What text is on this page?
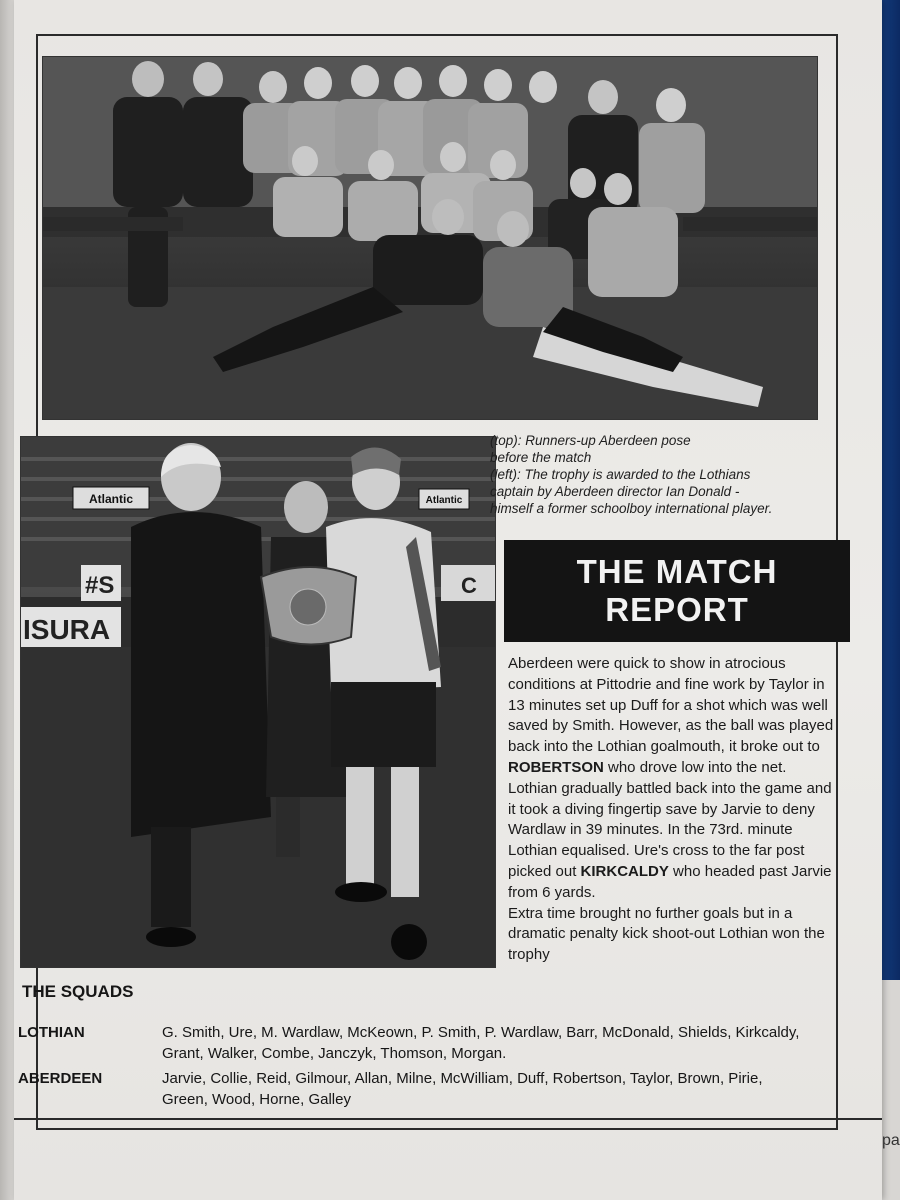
Atlantic	Atlantic
ISURA
#S	C

(top): Runners-up Aberdeen pose

before the match

(left): The trophy is awarded to the Lothians

captain by Aberdeen director Ian Donald -

himself a former schoolboy international player.

THE MATCH
REPORT
Aberdeen were quick to show in atrocious
conditions at Pittodrie and fine work by Taylor in
13 minutes set up Duff for a shot which was well
saved by Smith. However, as the ball was played
back into the Lothian goalmouth, it broke out to
ROBERTSON who drove low into the net.
Lothian gradually battled back into the game and
it took a diving fingertip save by Jarvie to deny
Wardlaw in 39 minutes. In the 73rd. minute
Lothian equalised. Ure's cross to the far post
picked out KIRKCALDY who headed past Jarvie
from 6 yards.
Extra time brought no further goals but in a
dramatic penalty kick shoot-out Lothian won the
trophy
THE SQUADS
LOTHIAN	G. Smith, Ure, M. Wardlaw, McKeown, P. Smith, P. Wardlaw, Barr, McDonald, Shields, Kirkcaldy,
Grant, Walker, Combe, Janczyk, Thomson, Morgan.
ABERDEEN	Jarvie, Collie, Reid, Gilmour, Allan, Milne, McWilliam, Duff, Robertson, Taylor, Brown, Pirie,
Green, Wood, Horne, Galley
pa
